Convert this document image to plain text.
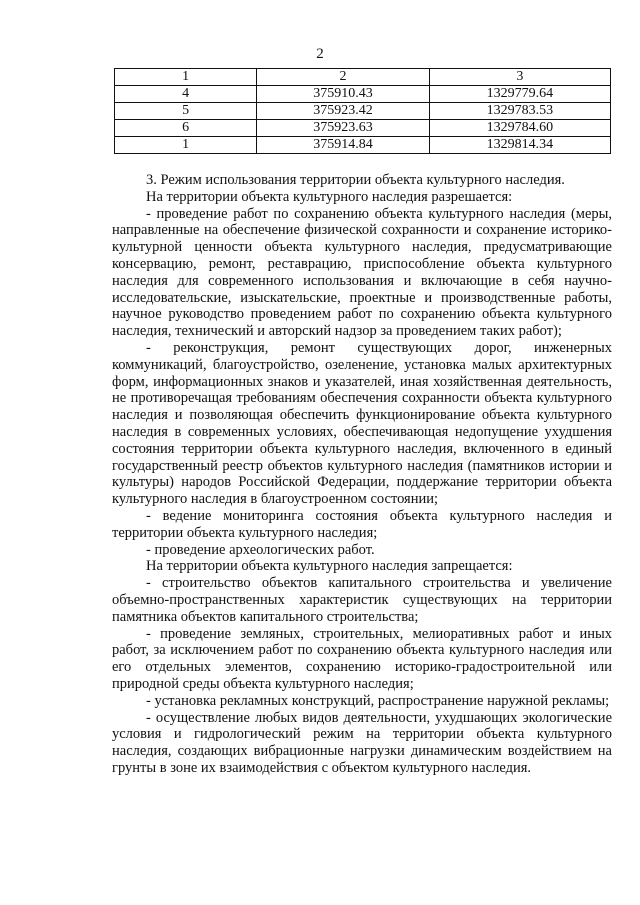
2
1	2	3
4	375910.43	1329779.64
5	375923.42	1329783.53
6	375923.63	1329784.60
1	375914.84	1329814.34

3. Режим использования территории объекта культурного наследия.

На территории объекта культурного наследия разрешается:

- проведение работ по сохранению объекта культурного наследия (меры, направленные на обеспечение физической сохранности и сохранение историко-культурной ценности объекта культурного наследия, предусматривающие консервацию, ремонт, реставрацию, приспособление объекта культурного наследия для современного использования и включающие в себя научно-исследовательские, изыскательские, проектные и производственные работы, научное руководство проведением работ по сохранению объекта культурного наследия, технический и авторский надзор за проведением таких работ);

- реконструкция, ремонт существующих дорог, инженерных коммуникаций, благоустройство, озеленение, установка малых архитектурных форм, информационных знаков и указателей, иная хозяйственная деятельность, не противоречащая требованиям обеспечения сохранности объекта культурного наследия и позволяющая обеспечить функционирование объекта культурного наследия в современных условиях, обеспечивающая недопущение ухудшения состояния территории объекта культурного наследия, включенного в единый государственный реестр объектов культурного наследия (памятников истории и культуры) народов Российской Федерации, поддержание территории объекта культурного наследия в благоустроенном состоянии;

- ведение мониторинга состояния объекта культурного наследия и территории объекта культурного наследия;

- проведение археологических работ.

На территории объекта культурного наследия запрещается:

- строительство объектов капитального строительства и увеличение объемно-пространственных характеристик существующих на территории памятника объектов капитального строительства;

- проведение земляных, строительных, мелиоративных работ и иных работ, за исключением работ по сохранению объекта культурного наследия или его отдельных элементов, сохранению историко-градостроительной или природной среды объекта культурного наследия;

- установка рекламных конструкций, распространение наружной рекламы;

- осуществление любых видов деятельности, ухудшающих экологические условия и гидрологический режим на территории объекта культурного наследия, создающих вибрационные нагрузки динамическим воздействием на грунты в зоне их взаимодействия с объектом культурного наследия.
